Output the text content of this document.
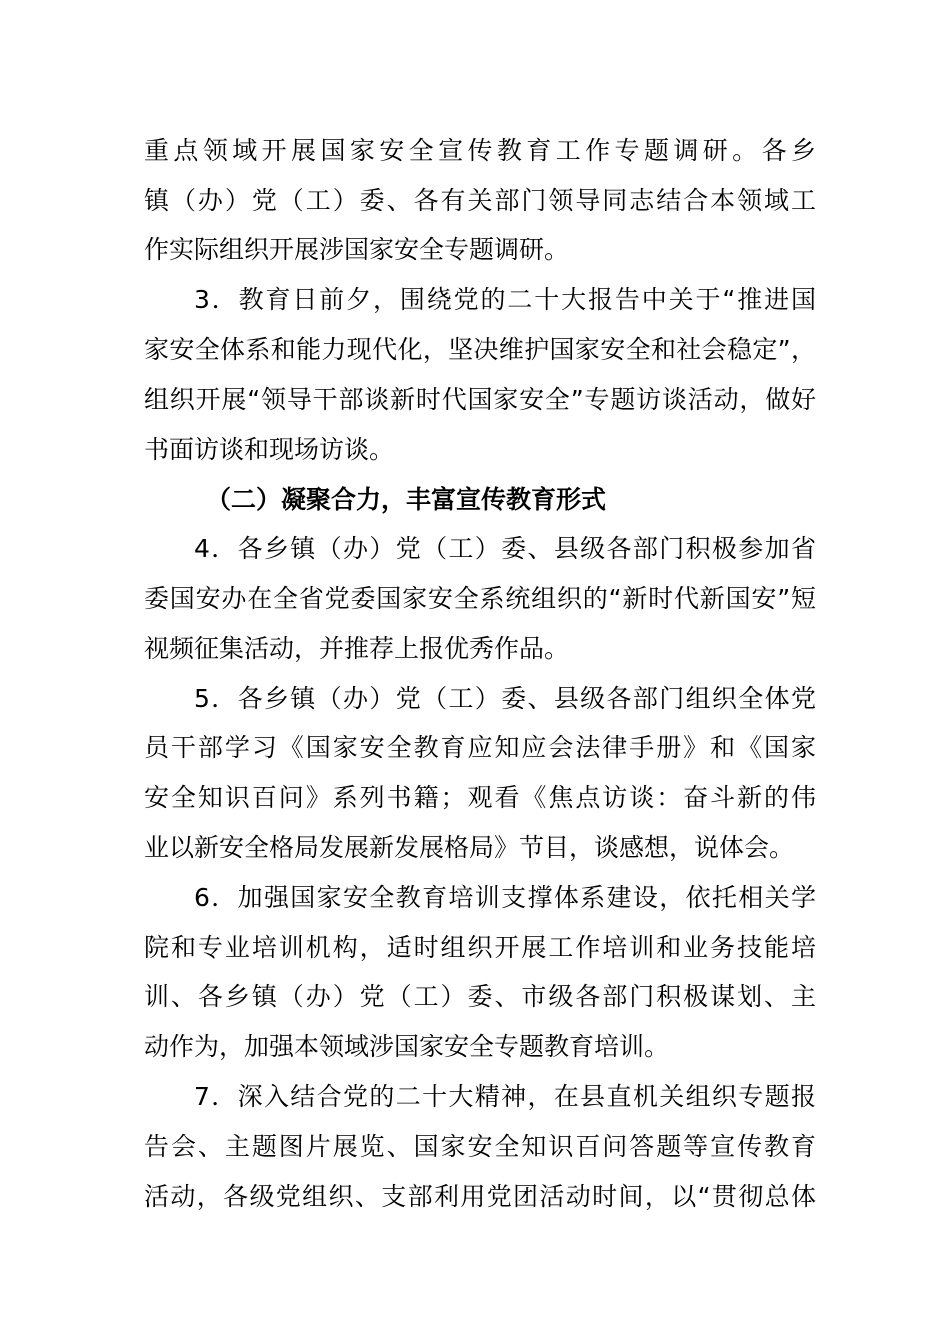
重点领域开展国家安全宣传教育工作专题调研。各乡
镇（办）党（工）委、各有关部门领导同志结合本领域工
作实际组织开展涉国家安全专题调研。
3．教育日前夕，围绕党的二十大报告中关于“推进国
家安全体系和能力现代化，坚决维护国家安全和社会稳定”，
组织开展“领导干部谈新时代国家安全”专题访谈活动，做好
书面访谈和现场访谈。
（二）凝聚合力，丰富宣传教育形式
4．各乡镇（办）党（工）委、县级各部门积极参加省
委国安办在全省党委国家安全系统组织的“新时代新国安”短
视频征集活动，并推荐上报优秀作品。
5．各乡镇（办）党（工）委、县级各部门组织全体党
员干部学习《国家安全教育应知应会法律手册》和《国家
安全知识百问》系列书籍；观看《焦点访谈：奋斗新的伟
业以新安全格局发展新发展格局》节目，谈感想，说体会。
6．加强国家安全教育培训支撑体系建设，依托相关学
院和专业培训机构，适时组织开展工作培训和业务技能培
训、各乡镇（办）党（工）委、市级各部门积极谋划、主
动作为，加强本领域涉国家安全专题教育培训。
7．深入结合党的二十大精神，在县直机关组织专题报
告会、主题图片展览、国家安全知识百问答题等宣传教育
活动，各级党组织、支部利用党团活动时间，以“贯彻总体
